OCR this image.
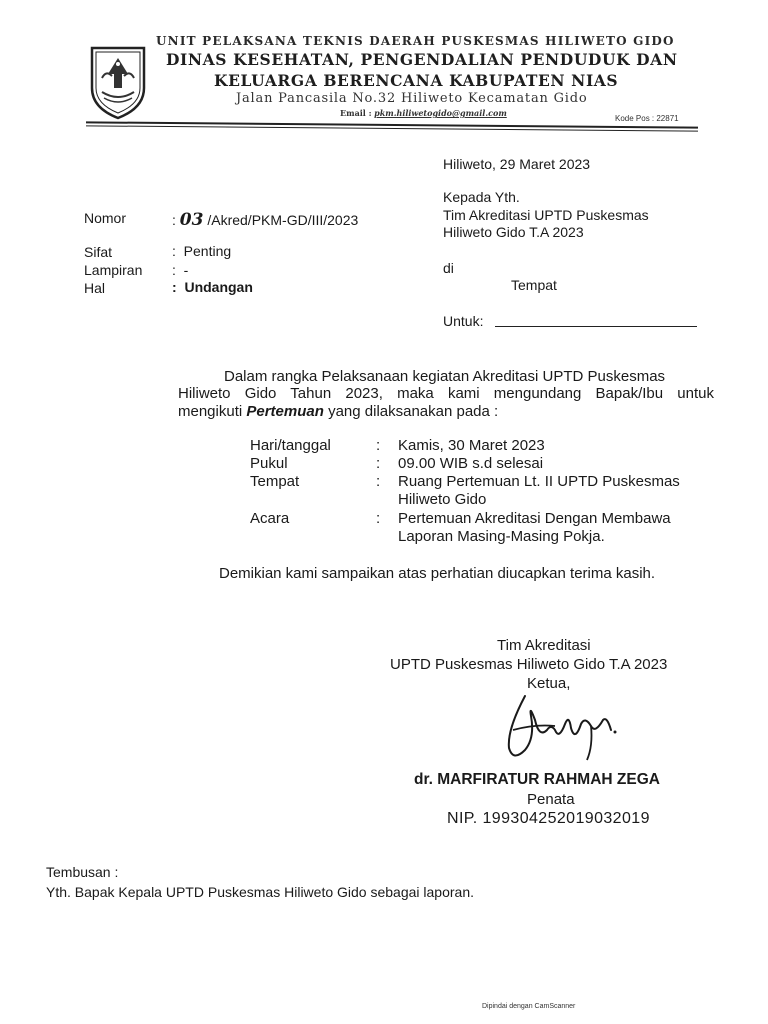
UNIT PELAKSANA TEKNIS DAERAH PUSKESMAS HILIWETO GIDO
DINAS KESEHATAN, PENGENDALIAN PENDUDUK DAN
KELUARGA BERENCANA KABUPATEN NIAS
Jalan Pancasila No.32 Hiliweto Kecamatan Gido
Email : pkm.hiliwetogido@gmail.com
Kode Pos : 22871
Hiliweto, 29 Maret 2023
Kepada Yth.
Tim Akreditasi UPTD Puskesmas
Hiliweto Gido T.A 2023
di
Tempat
Untuk:
Nomor	: 03 /Akred/PKM-GD/III/2023
Sifat	:  Penting
Lampiran :  -
Hal	:  Undangan
Dalam rangka Pelaksanaan kegiatan Akreditasi UPTD Puskesmas
Hiliweto Gido Tahun 2023, maka kami mengundang Bapak/Ibu untuk
mengikuti Pertemuan yang dilaksanakan pada :
Hari/tanggal	: Kamis, 30 Maret 2023
Pukul	: 09.00 WIB s.d selesai
Tempat	: Ruang Pertemuan Lt. II UPTD Puskesmas
Hiliweto Gido
Acara	: Pertemuan Akreditasi Dengan Membawa
Laporan Masing-Masing Pokja.
Demikian kami sampaikan atas perhatian diucapkan terima kasih.
Tim Akreditasi
UPTD Puskesmas Hiliweto Gido T.A 2023
Ketua,
dr. MARFIRATUR RAHMAH ZEGA
Penata
NIP. 199304252019032019
Tembusan :
Yth. Bapak Kepala UPTD Puskesmas Hiliweto Gido sebagai laporan.
Dipindai dengan CamScanner
